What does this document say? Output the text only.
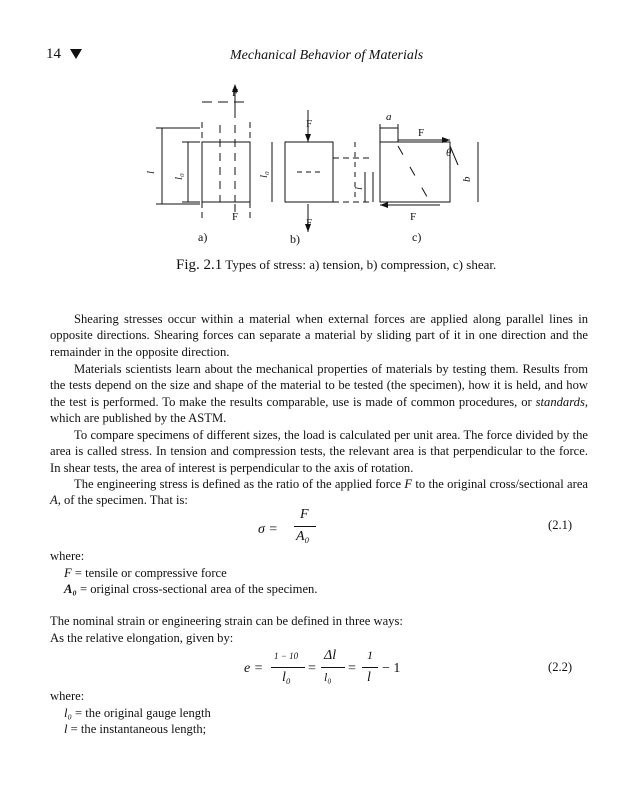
14	Mechanical Behavior of Materials
F
F
F
F
F
F
a
b
θ
l
l₀	l₀
l
a)	b)	c)
Fig. 2.1 Types of stress: a) tension, b) compression, c) shear.
Shearing stresses occur within a material when external forces are applied along parallel lines in opposite directions. Shearing forces can separate a material by sliding part of it in one direction and the remainder in the opposite direction.
Materials scientists learn about the mechanical properties of materials by testing them. Results from the tests depend on the size and shape of the material to be tested (the specimen), how it is held, and how the test is performed. To make the results comparable, use is made of common procedures, or standards, which are published by the ASTM.
To compare specimens of different sizes, the load is calculated per unit area. The force divided by the area is called stress. In tension and compression tests, the relevant area is that perpendicular to the force. In shear tests, the area of interest is perpendicular to the axis of rotation.
The engineering stress is defined as the ratio of the applied force F to the original cross/sectional area A, of the specimen. That is:
σ =
F
A₀
(2.1)
where:
F = tensile or compressive force
A₀ = original cross-sectional area of the specimen.
The nominal strain or engineering strain can be defined in three ways:
As the relative elongation, given by:
e =
1 − 10
l₀
=
Δl
l₀
=
1
l
− 1	(2.2)
where:
l₀ = the original gauge length
l = the instantaneous length;
